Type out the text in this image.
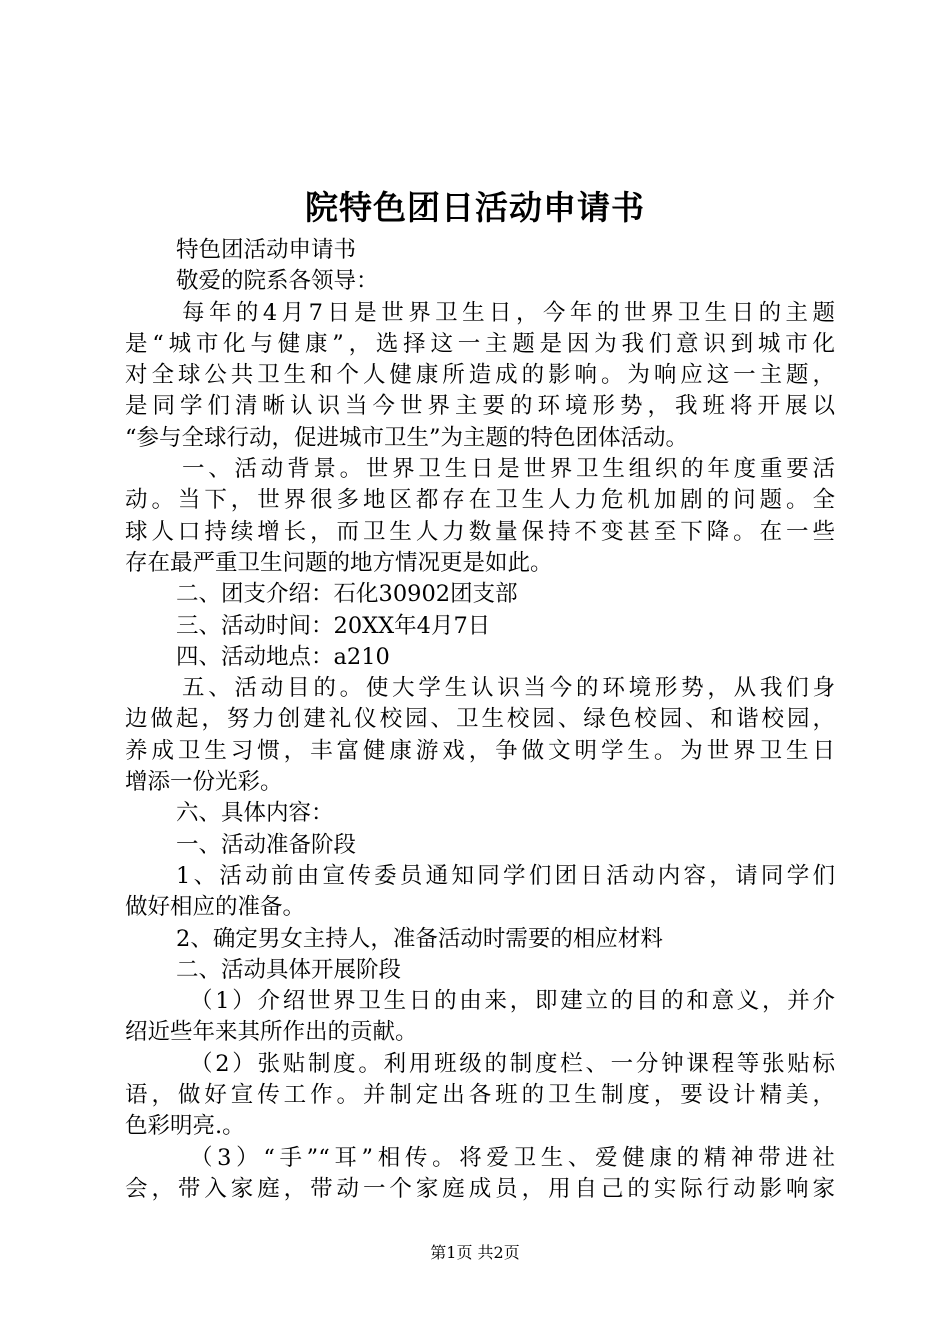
院特色团日活动申请书
特色团活动申请书
敬爱的院系各领导：
每年的4月7日是世界卫生日，今年的世界卫生日的主题
是“城市化与健康”，选择这一主题是因为我们意识到城市化
对全球公共卫生和个人健康所造成的影响。为响应这一主题，
是同学们清晰认识当今世界主要的环境形势，我班将开展以
“参与全球行动，促进城市卫生”为主题的特色团体活动。
一、活动背景。世界卫生日是世界卫生组织的年度重要活
动。当下，世界很多地区都存在卫生人力危机加剧的问题。全
球人口持续增长，而卫生人力数量保持不变甚至下降。在一些
存在最严重卫生问题的地方情况更是如此。
二、团支介绍：石化30902团支部
三、活动时间：20XX年4月7日
四、活动地点：a210
五、活动目的。使大学生认识当今的环境形势，从我们身
边做起，努力创建礼仪校园、卫生校园、绿色校园、和谐校园，
养成卫生习惯，丰富健康游戏，争做文明学生。为世界卫生日
增添一份光彩。
六、具体内容：
一、活动准备阶段
1、活动前由宣传委员通知同学们团日活动内容，请同学们
做好相应的准备。
2、确定男女主持人，准备活动时需要的相应材料
二、活动具体开展阶段
（1）介绍世界卫生日的由来，即建立的目的和意义，并介
绍近些年来其所作出的贡献。
（2）张贴制度。利用班级的制度栏、一分钟课程等张贴标
语，做好宣传工作。并制定出各班的卫生制度，要设计精美，
色彩明亮.。
（3）“手”“耳”相传。将爱卫生、爱健康的精神带进社
会，带入家庭，带动一个家庭成员，用自己的实际行动影响家
第1页 共2页
